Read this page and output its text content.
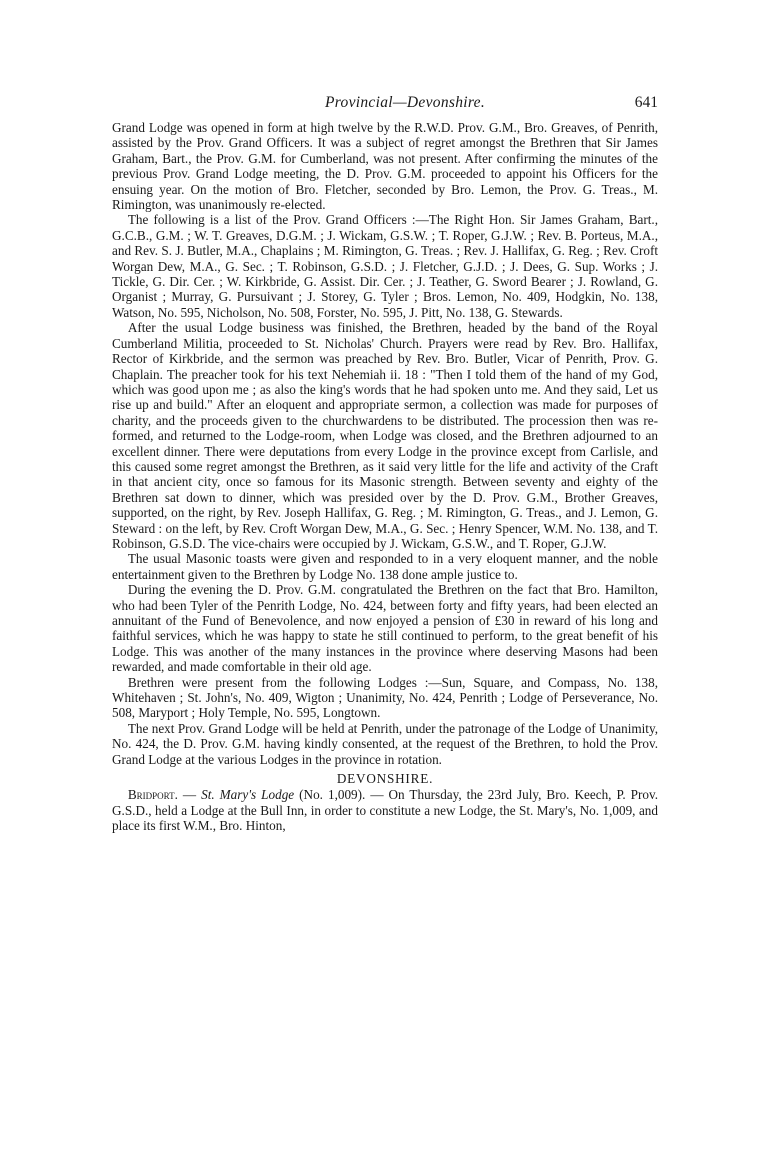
Provincial—Devonshire.	641

Grand Lodge was opened in form at high twelve by the R.W.D. Prov. G.M., Bro. Greaves, of Penrith, assisted by the Prov. Grand Officers. It was a subject of regret amongst the Brethren that Sir James Graham, Bart., the Prov. G.M. for Cumberland, was not present. After confirming the minutes of the previous Prov. Grand Lodge meeting, the D. Prov. G.M. proceeded to appoint his Officers for the ensuing year. On the motion of Bro. Fletcher, seconded by Bro. Lemon, the Prov. G. Treas., M. Rimington, was unanimously re-elected.

The following is a list of the Prov. Grand Officers :—The Right Hon. Sir James Graham, Bart., G.C.B., G.M. ; W. T. Greaves, D.G.M. ; J. Wickam, G.S.W. ; T. Roper, G.J.W. ; Rev. B. Porteus, M.A., and Rev. S. J. Butler, M.A., Chaplains ; M. Rimington, G. Treas. ; Rev. J. Hallifax, G. Reg. ; Rev. Croft Worgan Dew, M.A., G. Sec. ; T. Robinson, G.S.D. ; J. Fletcher, G.J.D. ; J. Dees, G. Sup. Works ; J. Tickle, G. Dir. Cer. ; W. Kirkbride, G. Assist. Dir. Cer. ; J. Teather, G. Sword Bearer ; J. Rowland, G. Organist ; Murray, G. Pursuivant ; J. Storey, G. Tyler ; Bros. Lemon, No. 409, Hodgkin, No. 138, Watson, No. 595, Nicholson, No. 508, Forster, No. 595, J. Pitt, No. 138, G. Stewards.

After the usual Lodge business was finished, the Brethren, headed by the band of the Royal Cumberland Militia, proceeded to St. Nicholas' Church. Prayers were read by Rev. Bro. Hallifax, Rector of Kirkbride, and the sermon was preached by Rev. Bro. Butler, Vicar of Penrith, Prov. G. Chaplain. The preacher took for his text Nehemiah ii. 18 : "Then I told them of the hand of my God, which was good upon me ; as also the king's words that he had spoken unto me. And they said, Let us rise up and build." After an eloquent and appropriate sermon, a collection was made for purposes of charity, and the proceeds given to the churchwardens to be distributed. The procession then was re-formed, and returned to the Lodge-room, when Lodge was closed, and the Brethren adjourned to an excellent dinner. There were deputations from every Lodge in the province except from Carlisle, and this caused some regret amongst the Brethren, as it said very little for the life and activity of the Craft in that ancient city, once so famous for its Masonic strength. Between seventy and eighty of the Brethren sat down to dinner, which was presided over by the D. Prov. G.M., Brother Greaves, supported, on the right, by Rev. Joseph Hallifax, G. Reg. ; M. Rimington, G. Treas., and J. Lemon, G. Steward : on the left, by Rev. Croft Worgan Dew, M.A., G. Sec. ; Henry Spencer, W.M. No. 138, and T. Robinson, G.S.D. The vice-chairs were occupied by J. Wickam, G.S.W., and T. Roper, G.J.W.

The usual Masonic toasts were given and responded to in a very eloquent manner, and the noble entertainment given to the Brethren by Lodge No. 138 done ample justice to.

During the evening the D. Prov. G.M. congratulated the Brethren on the fact that Bro. Hamilton, who had been Tyler of the Penrith Lodge, No. 424, between forty and fifty years, had been elected an annuitant of the Fund of Benevolence, and now enjoyed a pension of £30 in reward of his long and faithful services, which he was happy to state he still continued to perform, to the great benefit of his Lodge. This was another of the many instances in the province where deserving Masons had been rewarded, and made comfortable in their old age.

Brethren were present from the following Lodges :—Sun, Square, and Compass, No. 138, Whitehaven ; St. John's, No. 409, Wigton ; Unanimity, No. 424, Penrith ; Lodge of Perseverance, No. 508, Maryport ; Holy Temple, No. 595, Longtown.

The next Prov. Grand Lodge will be held at Penrith, under the patronage of the Lodge of Unanimity, No. 424, the D. Prov. G.M. having kindly consented, at the request of the Brethren, to hold the Prov. Grand Lodge at the various Lodges in the province in rotation.

DEVONSHIRE.

Bridport. — St. Mary's Lodge (No. 1,009). — On Thursday, the 23rd July, Bro. Keech, P. Prov. G.S.D., held a Lodge at the Bull Inn, in order to constitute a new Lodge, the St. Mary's, No. 1,009, and place its first W.M., Bro. Hinton,
